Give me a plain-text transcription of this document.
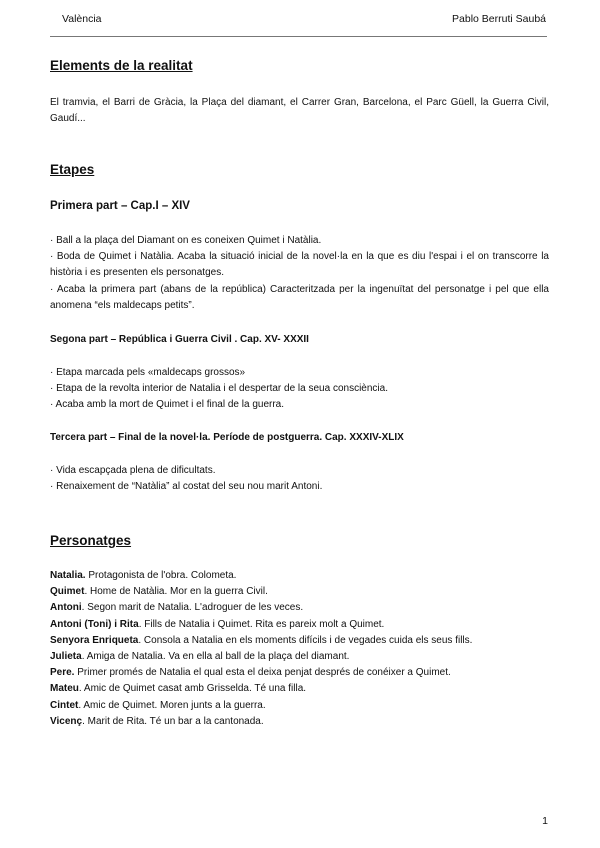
València	Pablo Berruti Saubá
Elements de la realitat

El tramvia, el Barri de Gràcia, la Plaça del diamant, el Carrer Gran, Barcelona, el Parc Güell, la Guerra Civil, Gaudí...

Etapes
Primera part – Cap.I – XIV

· Ball a la plaça del Diamant on es coneixen Quimet i Natàlia.

· Boda de Quimet i Natàlia. Acaba la situació inicial de la novel·la en la que es diu l'espai i el on transcorre la història i es presenten els personatges.

· Acaba la primera part (abans de la república) Caracteritzada per la ingenuïtat del personatge i pel que ella anomena “els maldecaps petits”.

Segona part – República i Guerra Civil . Cap. XV- XXXII

· Etapa marcada pels «maldecaps grossos»

· Etapa de la revolta interior de Natalia i el despertar de la seua consciència.

· Acaba amb la mort de Quimet i el final de la guerra.

Tercera part – Final de la novel·la. Període de postguerra. Cap. XXXIV-XLIX

· Vida escapçada plena de dificultats.

· Renaixement de “Natàlia” al costat del seu nou marit Antoni.

Personatges

Natalia. Protagonista de l'obra. Colometa.

Quimet. Home de Natàlia. Mor en la guerra Civil.

Antoni. Segon marit de Natalia. L'adroguer de les veces.

Antoni (Toni) i Rita. Fills de Natalia i Quimet. Rita es pareix molt a Quimet.

Senyora Enriqueta. Consola a Natalia en els moments difícils i de vegades cuida els seus fills.

Julieta. Amiga de Natalia. Va en ella al ball de la plaça del diamant.

Pere. Primer promés de Natalia el qual esta el deixa penjat després de conéixer a Quimet.

Mateu. Amic de Quimet casat amb Grisselda. Té una filla.

Cintet. Amic de Quimet. Moren junts a la guerra.

Vicenç. Marit de Rita. Té un bar a la cantonada.

1
